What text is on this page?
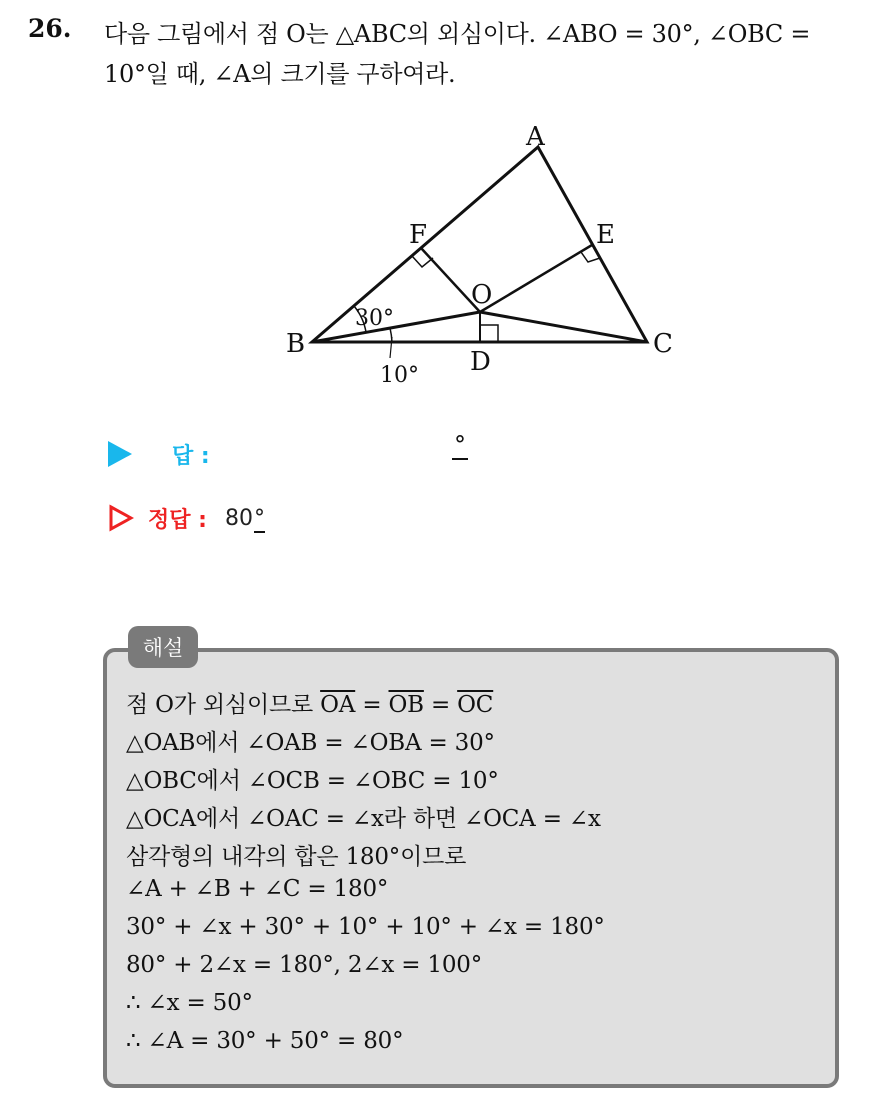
26. 다음 그림에서 점 O는 △ABC의 외심이다. ∠ABO = 30°, ∠OBC =
10°일 때, ∠A의 크기를 구하여라.
A
B	C
D
E
F
O
30°
10°
답 :	°
정답 : 80°
해설
점 O가 외심이므로 $\overline{OA} = \overline{OB} = \overline{OC}$
△OAB에서 ∠OAB = ∠OBA = 30°
△OBC에서 ∠OCB = ∠OBC = 10°
△OCA에서 ∠OAC = ∠x라 하면 ∠OCA = ∠x
삼각형의 내각의 합은 180°이므로
∠A + ∠B + ∠C = 180°
30° + ∠x + 30° + 10° + 10° + ∠x = 180°
80° + 2∠x = 180°, 2∠x = 100°
∴ ∠x = 50°
∴ ∠A = 30° + 50° = 80°
